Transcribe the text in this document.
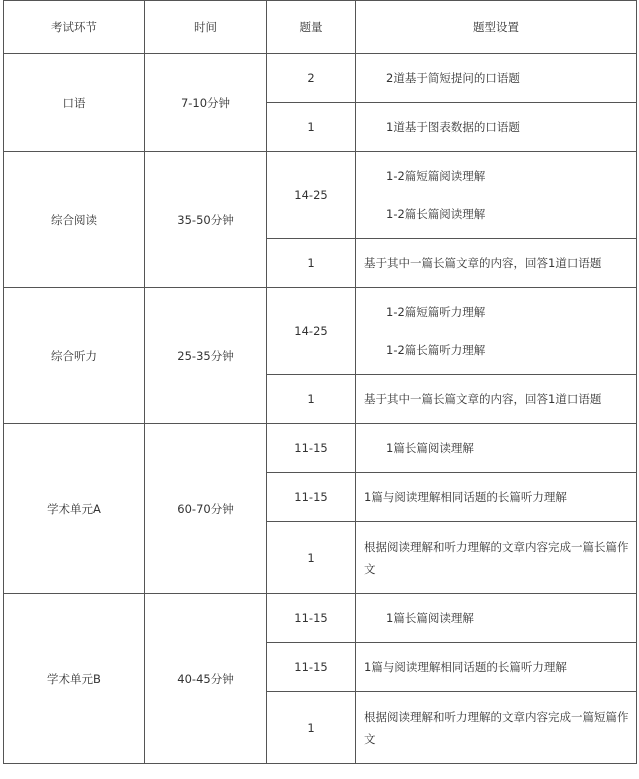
考试环节	时间	题量	题型设置
口语	7-10分钟	2	2道基于简短提问的口语题
		1	1道基于图表数据的口语题
综合阅读	35-50分钟	14-25	1-2篇短篇阅读理解
1-2篇长篇阅读理解

		1	基于其中一篇长篇文章的内容，回答1道口语题

综合听力	25-35分钟	14-25	1-2篇短篇听力理解
1-2篇长篇听力理解

		1	基于其中一篇长篇文章的内容，回答1道口语题

学术单元A	60-70分钟	11-15	1篇长篇阅读理解
		11-15	1篇与阅读理解相同话题的长篇听力理解

		1	根据阅读理解和听力理解的文章内容完成一篇长篇作文

学术单元B	40-45分钟	11-15	1篇长篇阅读理解
		11-15	1篇与阅读理解相同话题的长篇听力理解

		1	根据阅读理解和听力理解的文章内容完成一篇短篇作文
